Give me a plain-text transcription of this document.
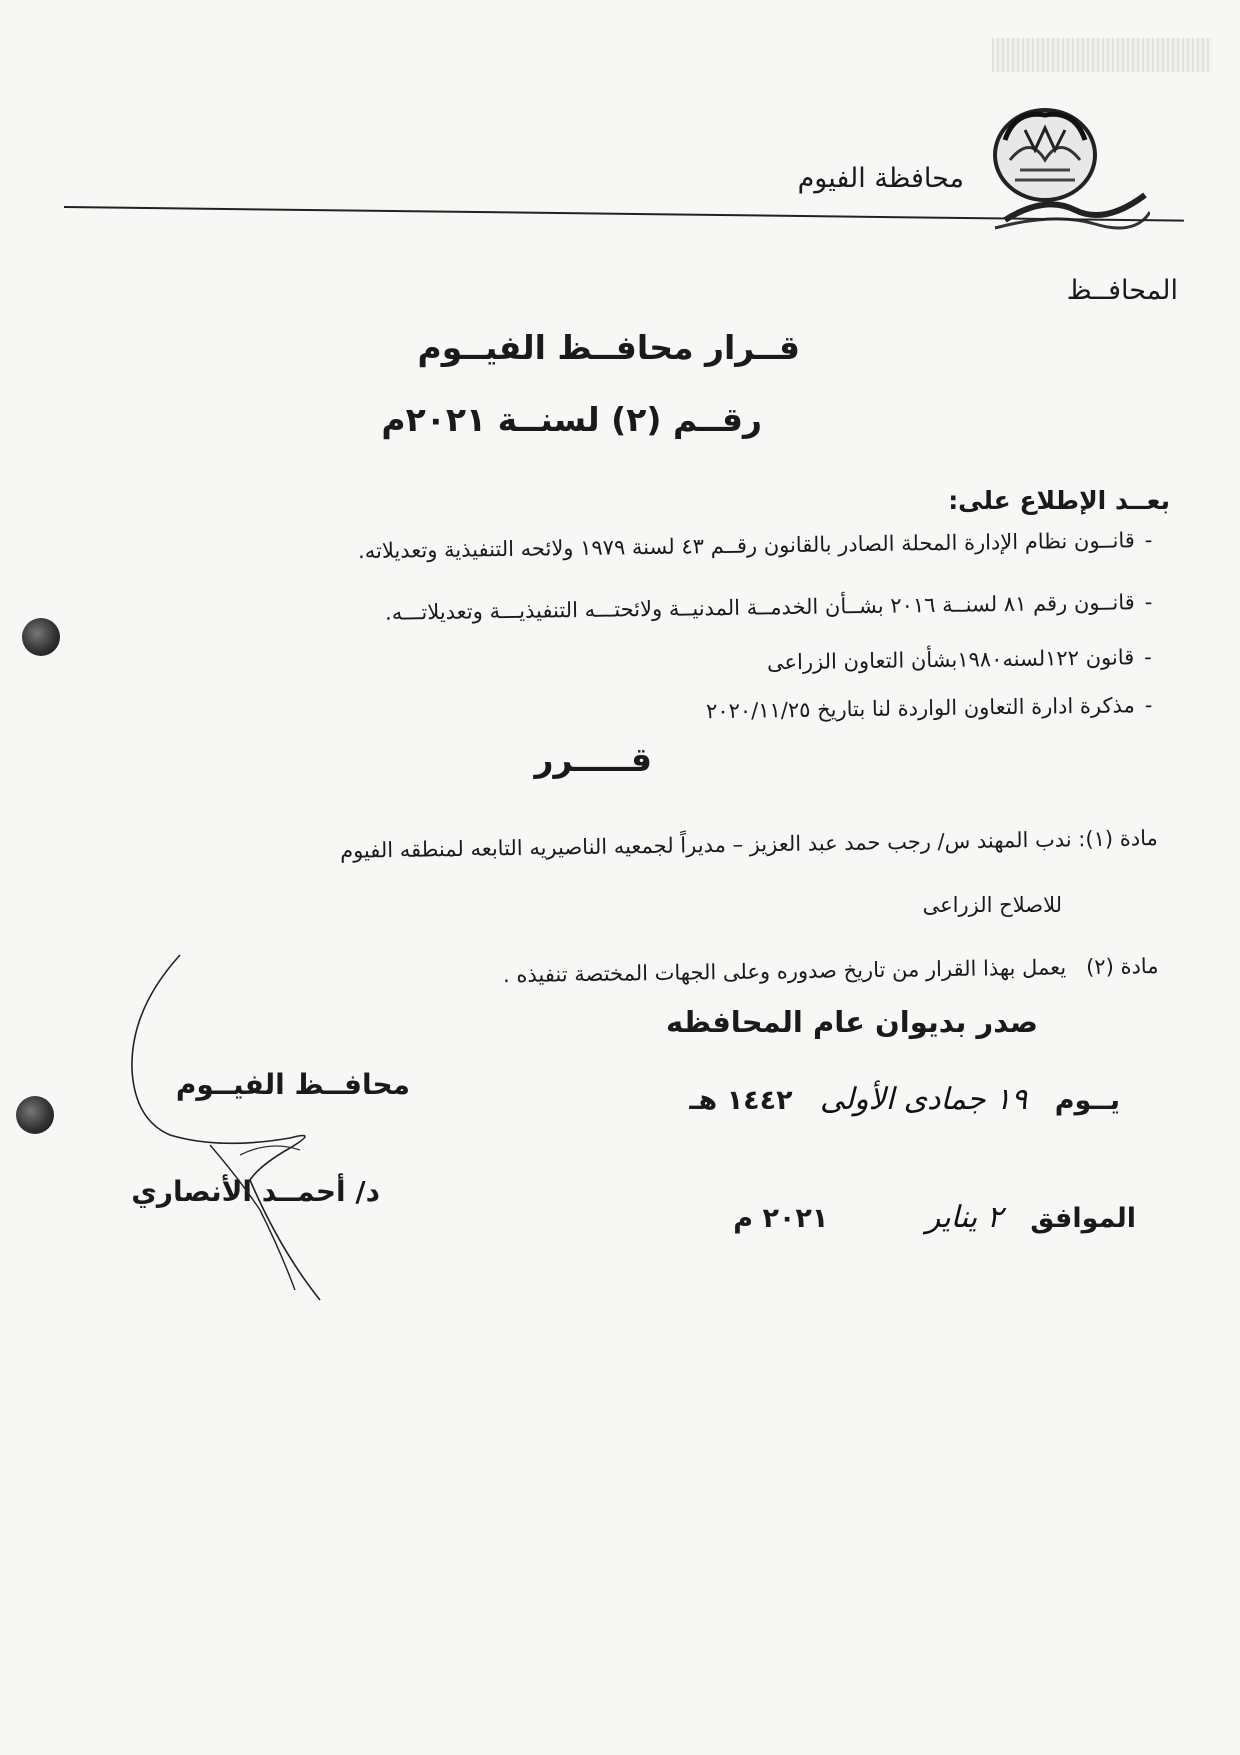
محافظة الفيوم
المحافــظ
قــرار محافــظ الفيــوم
رقــم (٢) لسنــة ٢٠٢١م
بعــد الإطلاع على:
-قانــون نظام الإدارة المحلة الصادر بالقانون رقــم ٤٣ لسنة ١٩٧٩ ولائحه التنفيذية وتعديلاته.
-قانــون رقم ٨١ لسنــة ٢٠١٦ بشــأن الخدمــة المدنيــة ولائحتـــه التنفيذيـــة وتعديلاتـــه.
-قانون ١٢٢لسنه١٩٨٠بشأن التعاون الزراعى
-مذكرة ادارة التعاون الواردة لنا بتاريخ ٢٠٢٠/١١/٢٥
قـــــرر
مادة (١): ندب المهند س/ رجب حمد عبد العزيز – مديراً لجمعيه الناصيريه التابعه لمنطقه الفيوم
للاصلاح الزراعى
مادة (٢)   يعمل بهذا القرار من تاريخ صدوره وعلى الجهات المختصة تنفيذه .
صدر بديوان عام المحافظه
يــوم ١٩ جمادى الأولى ١٤٤٢ هـ
الموافق ٢ يناير ٢٠٢١ م
محافــظ الفيــوم
د/ أحمــد الأنصاري
